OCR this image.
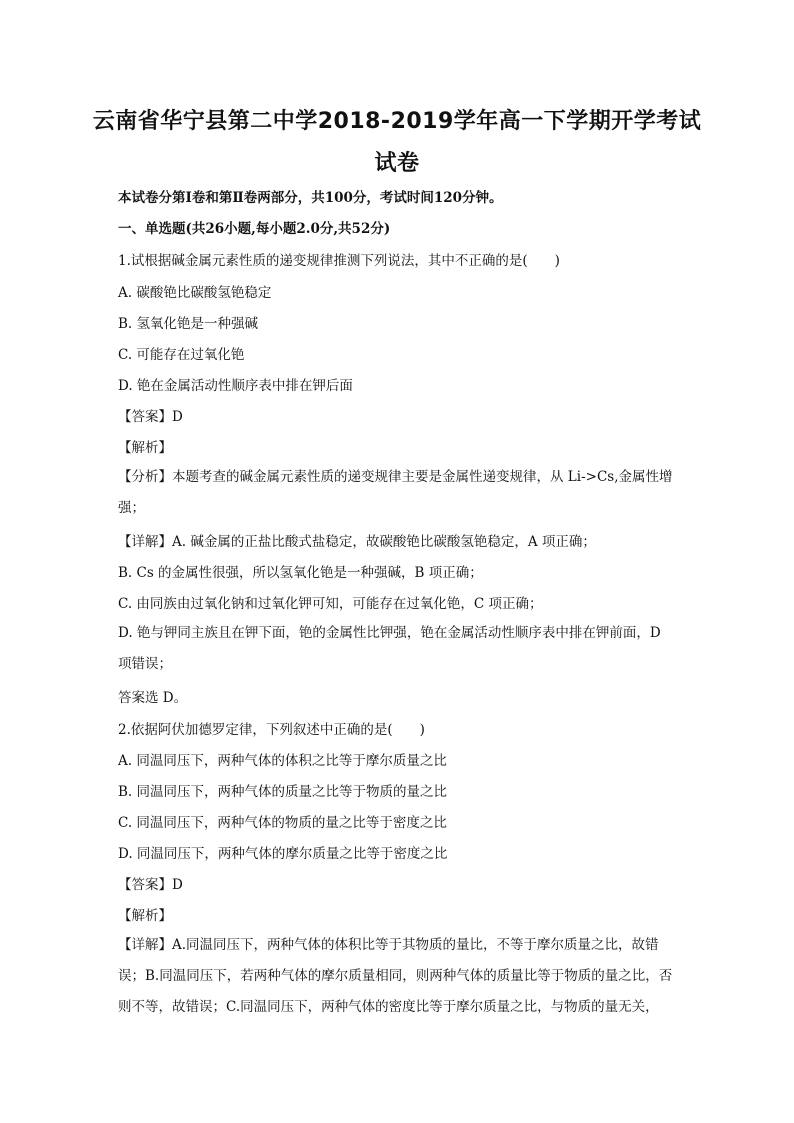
云南省华宁县第二中学2018-2019学年高一下学期开学考试
试卷
本试卷分第Ⅰ卷和第Ⅱ卷两部分，共100分，考试时间120分钟。
一、单选题(共26小题,每小题2.0分,共52分)
1.试根据碱金属元素性质的递变规律推测下列说法，其中不正确的是(　　)
A. 碳酸铯比碳酸氢铯稳定
B. 氢氧化铯是一种强碱
C. 可能存在过氧化铯
D. 铯在金属活动性顺序表中排在钾后面
【答案】D
【解析】
【分析】本题考查的碱金属元素性质的递变规律主要是金属性递变规律，从 Li->Cs,金属性增强；
【详解】A. 碱金属的正盐比酸式盐稳定，故碳酸铯比碳酸氢铯稳定，A 项正确；
B. Cs 的金属性很强，所以氢氧化铯是一种强碱，B 项正确；
C. 由同族由过氧化钠和过氧化钾可知，可能存在过氧化铯，C 项正确；
D. 铯与钾同主族且在钾下面，铯的金属性比钾强，铯在金属活动性顺序表中排在钾前面，D 项错误；
答案选 D。
2.依据阿伏加德罗定律，下列叙述中正确的是(　　)
A. 同温同压下，两种气体的体积之比等于摩尔质量之比
B. 同温同压下，两种气体的质量之比等于物质的量之比
C. 同温同压下，两种气体的物质的量之比等于密度之比
D. 同温同压下，两种气体的摩尔质量之比等于密度之比
【答案】D
【解析】
【详解】A.同温同压下，两种气体的体积比等于其物质的量比，不等于摩尔质量之比，故错误；B.同温同压下，若两种气体的摩尔质量相同，则两种气体的质量比等于物质的量之比，否则不等，故错误；C.同温同压下，两种气体的密度比等于摩尔质量之比，与物质的量无关，
